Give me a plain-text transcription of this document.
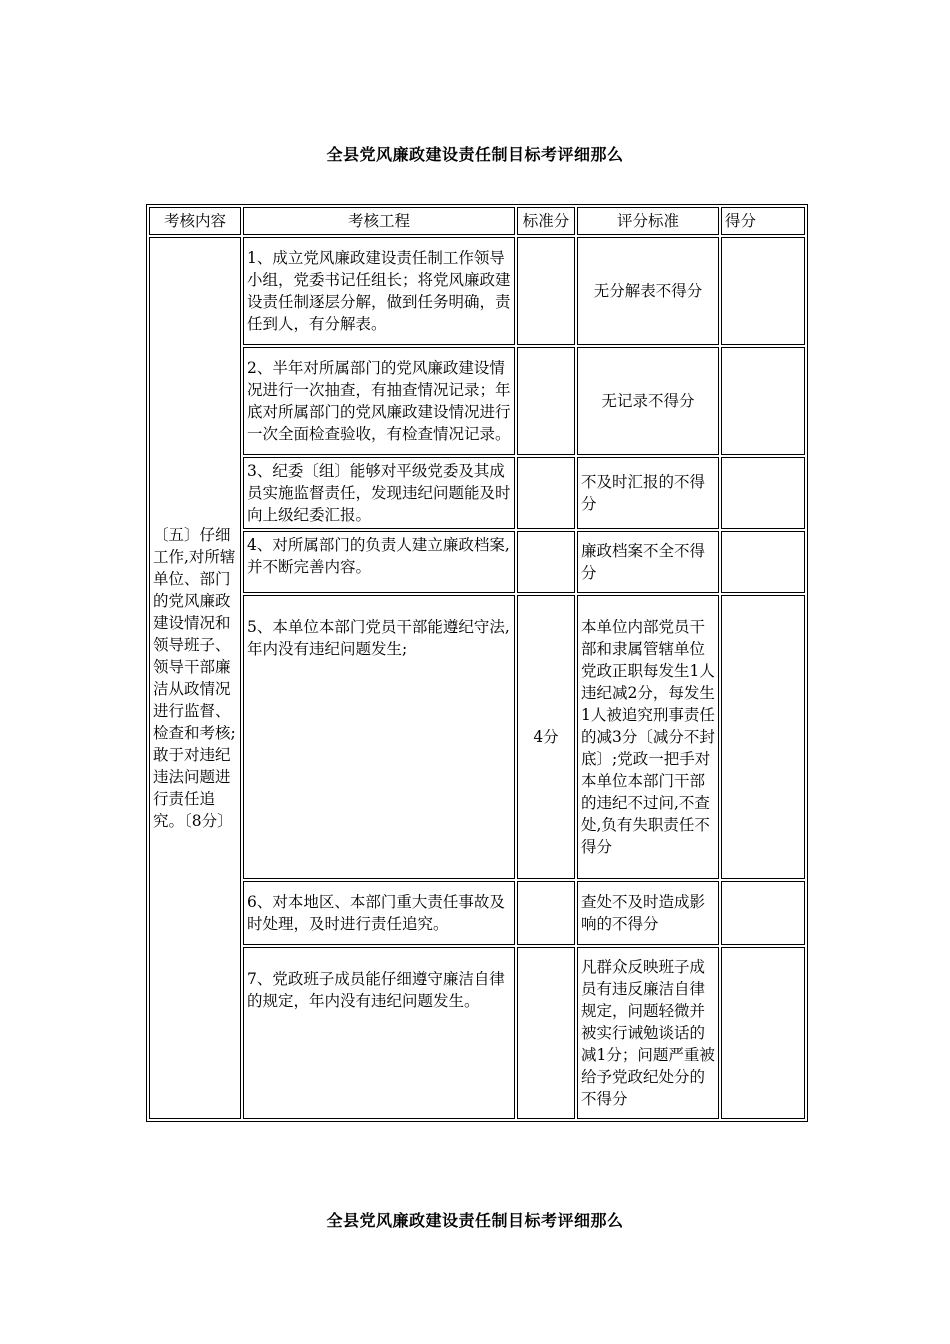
全县党风廉政建设责任制目标考评细那么
考核内容	考核工程	标准分	评分标准	得分
〔五〕仔细工作,对所辖单位、部门的党风廉政建设情况和领导班子、领导干部廉洁从政情况进行监督、检查和考核;敢于对违纪违法问题进行责任追究。〔8分〕	1、成立党风廉政建设责任制工作领导小组，党委书记任组长；将党风廉政建设责任制逐层分解，做到任务明确，责任到人，有分解表。		无分解表不得分	
	2、半年对所属部门的党风廉政建设情况进行一次抽查，有抽查情况记录；年底对所属部门的党风廉政建设情况进行一次全面检查验收，有检查情况记录。		无记录不得分	
	3、纪委〔组〕能够对平级党委及其成员实施监督责任，发现违纪问题能及时向上级纪委汇报。		不及时汇报的不得分	
	4、对所属部门的负责人建立廉政档案,并不断完善内容。		廉政档案不全不得分	
	5、本单位本部门党员干部能遵纪守法,年内没有违纪问题发生;	4分	本单位内部党员干部和隶属管辖单位党政正职每发生1人违纪减2分，每发生1人被追究刑事责任的减3分〔减分不封底〕;党政一把手对本单位本部门干部的违纪不过问,不查处,负有失职责任不得分	
	6、对本地区、本部门重大责任事故及时处理，及时进行责任追究。		查处不及时造成影响的不得分	
	7、党政班子成员能仔细遵守廉洁自律的规定，年内没有违纪问题发生。		凡群众反映班子成员有违反廉洁自律规定，问题轻微并被实行诫勉谈话的减1分；问题严重被给予党政纪处分的不得分	
全县党风廉政建设责任制目标考评细那么
